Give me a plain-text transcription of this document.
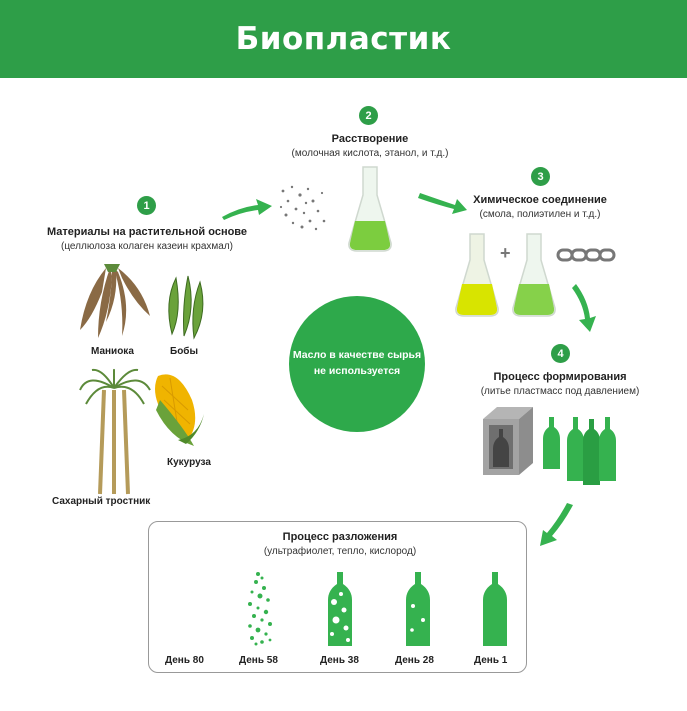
Биопластик
1
Материалы на растительной основе
(целлюлоза колаген казеин крахмал)
2
Расстворение
(молочная кислота, этанол, и т.д.)
3
Химическое соединение
(смола, полиэтилен и т.д.)
4
Процесс формирования
(литье пластмасс под давлением)
+
Маниока	Бобы
Сахарный тростник
Кукуруза
Масло в качестве сырья
не используется
Процесс разложения
(ультрафиолет, тепло, кислород)
День 80	День 58	День 38	День 28	День 1
